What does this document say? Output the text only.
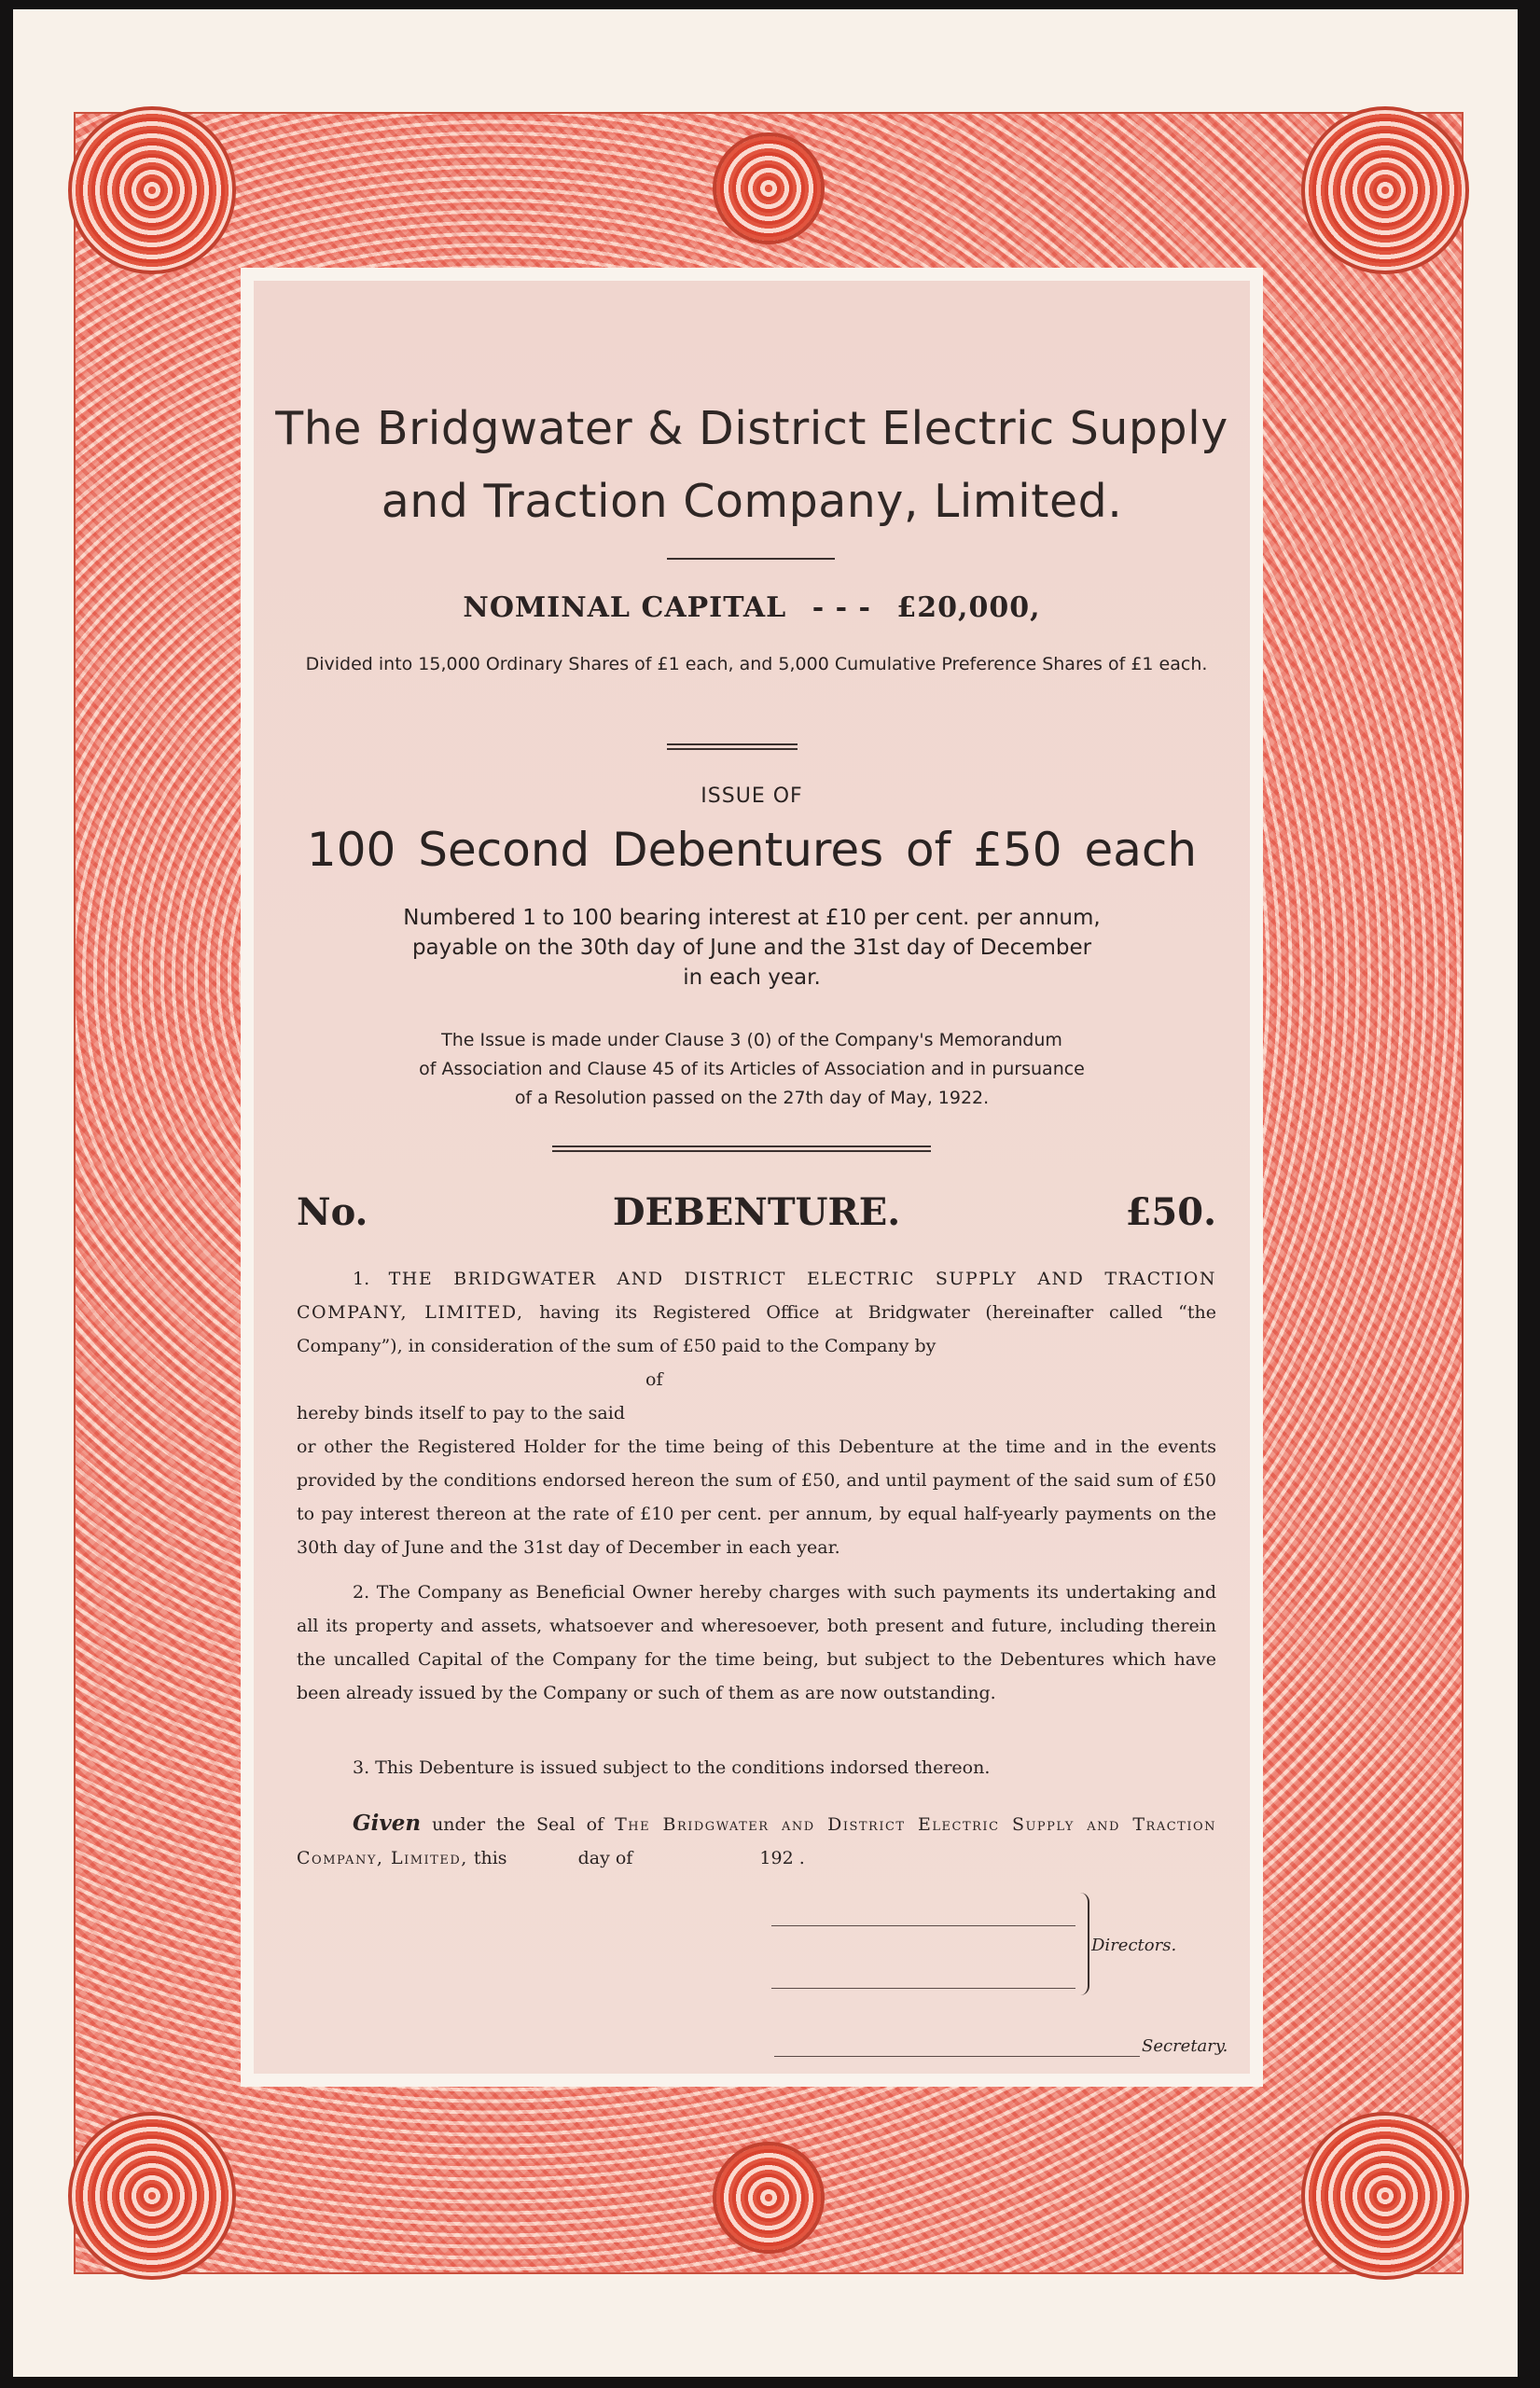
The Bridgwater & District Electric Supply
and Traction Company, Limited.
NOMINAL CAPITAL - - - £20,000,
Divided into 15,000 Ordinary Shares of £1 each, and 5,000 Cumulative Preference Shares of £1 each.
ISSUE OF
100 Second Debentures of £50 each
Numbered 1 to 100 bearing interest at £10 per cent. per annum,
payable on the 30th day of June and the 31st day of December
in each year.
The Issue is made under Clause 3 (0) of the Company's Memorandum
of Association and Clause 45 of its Articles of Association and in pursuance
of a Resolution passed on the 27th day of May, 1922.
No.	DEBENTURE.	£50.
1. THE BRIDGWATER AND DISTRICT ELECTRIC SUPPLY AND TRACTION COMPANY, LIMITED, having its Registered Office at Bridgwater (hereinafter called “the Company”), in consideration of the sum of £50 paid to the Company by
of
hereby binds itself to pay to the said
or other the Registered Holder for the time being of this Debenture at the time and in the events provided by the conditions endorsed hereon the sum of £50, and until payment of the said sum of £50 to pay interest thereon at the rate of £10 per cent. per annum, by equal half-yearly payments on the 30th day of June and the 31st day of December in each year.
2. The Company as Beneficial Owner hereby charges with such payments its undertaking and all its property and assets, whatsoever and wheresoever, both present and future, including therein the uncalled Capital of the Company for the time being, but subject to the Debentures which have been already issued by the Company or such of them as are now outstanding.
3. This Debenture is issued subject to the conditions indorsed thereon.
Given under the Seal of The Bridgwater and District Electric Supply and Traction Company, Limited, this	day of	192 .
Directors.
Secretary.
